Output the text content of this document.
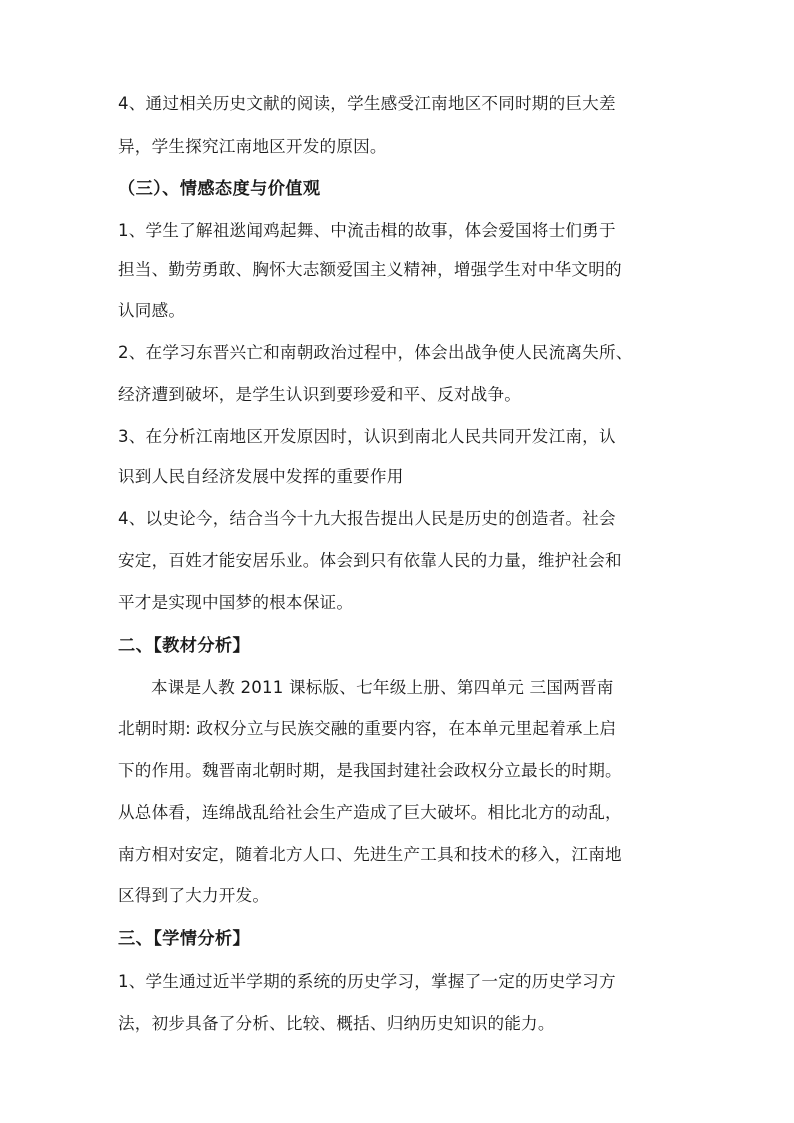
4、通过相关历史文献的阅读，学生感受江南地区不同时期的巨大差
异，学生探究江南地区开发的原因。
（三）、情感态度与价值观
1、学生了解祖逖闻鸡起舞、中流击楫的故事，体会爱国将士们勇于
担当、勤劳勇敢、胸怀大志额爱国主义精神，增强学生对中华文明的
认同感。
2、在学习东晋兴亡和南朝政治过程中，体会出战争使人民流离失所、
经济遭到破坏，是学生认识到要珍爱和平、反对战争。
3、在分析江南地区开发原因时，认识到南北人民共同开发江南，认
识到人民自经济发展中发挥的重要作用
4、以史论今，结合当今十九大报告提出人民是历史的创造者。社会
安定，百姓才能安居乐业。体会到只有依靠人民的力量，维护社会和
平才是实现中国梦的根本保证。
二、【教材分析】
本课是人教 2011 课标版、七年级上册、第四单元 三国两晋南
北朝时期: 政权分立与民族交融的重要内容，在本单元里起着承上启
下的作用。魏晋南北朝时期，是我国封建社会政权分立最长的时期。
从总体看，连绵战乱给社会生产造成了巨大破坏。相比北方的动乱，
南方相对安定，随着北方人口、先进生产工具和技术的移入，江南地
区得到了大力开发。
三、【学情分析】
1、学生通过近半学期的系统的历史学习，掌握了一定的历史学习方
法，初步具备了分析、比较、概括、归纳历史知识的能力。
